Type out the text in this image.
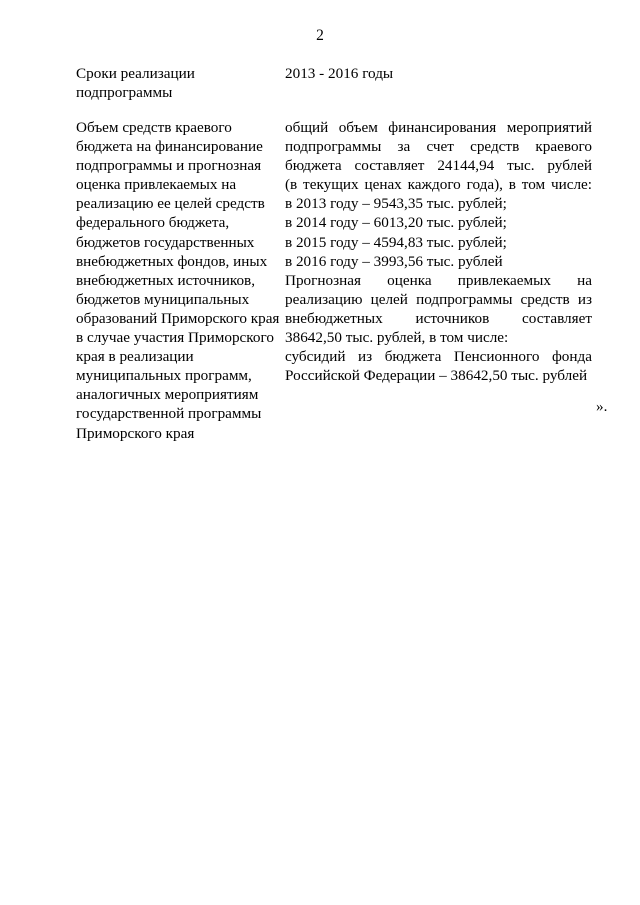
2
Сроки реализации
подпрограммы
2013 - 2016 годы
Объем средств краевого
бюджета на финансирование
подпрограммы и прогнозная
оценка привлекаемых на
реализацию ее целей средств
федерального бюджета,
бюджетов государственных
внебюджетных фондов, иных
внебюджетных источников,
бюджетов муниципальных
образований Приморского края
в случае участия Приморского
края в реализации
муниципальных программ,
аналогичных мероприятиям
государственной программы
Приморского края
общий объем финансирования мероприятий
подпрограммы за счет средств краевого
бюджета составляет 24144,94 тыс. рублей
(в текущих ценах каждого года), в том числе:
в 2013 году – 9543,35 тыс. рублей;
в 2014 году – 6013,20 тыс. рублей;
в 2015 году – 4594,83 тыс. рублей;
в 2016 году – 3993,56 тыс. рублей
Прогнозная оценка привлекаемых на
реализацию целей подпрограммы средств из
внебюджетных источников составляет
38642,50 тыс. рублей, в том числе:
субсидий из бюджета Пенсионного фонда
Российской Федерации – 38642,50 тыс. рублей
».
